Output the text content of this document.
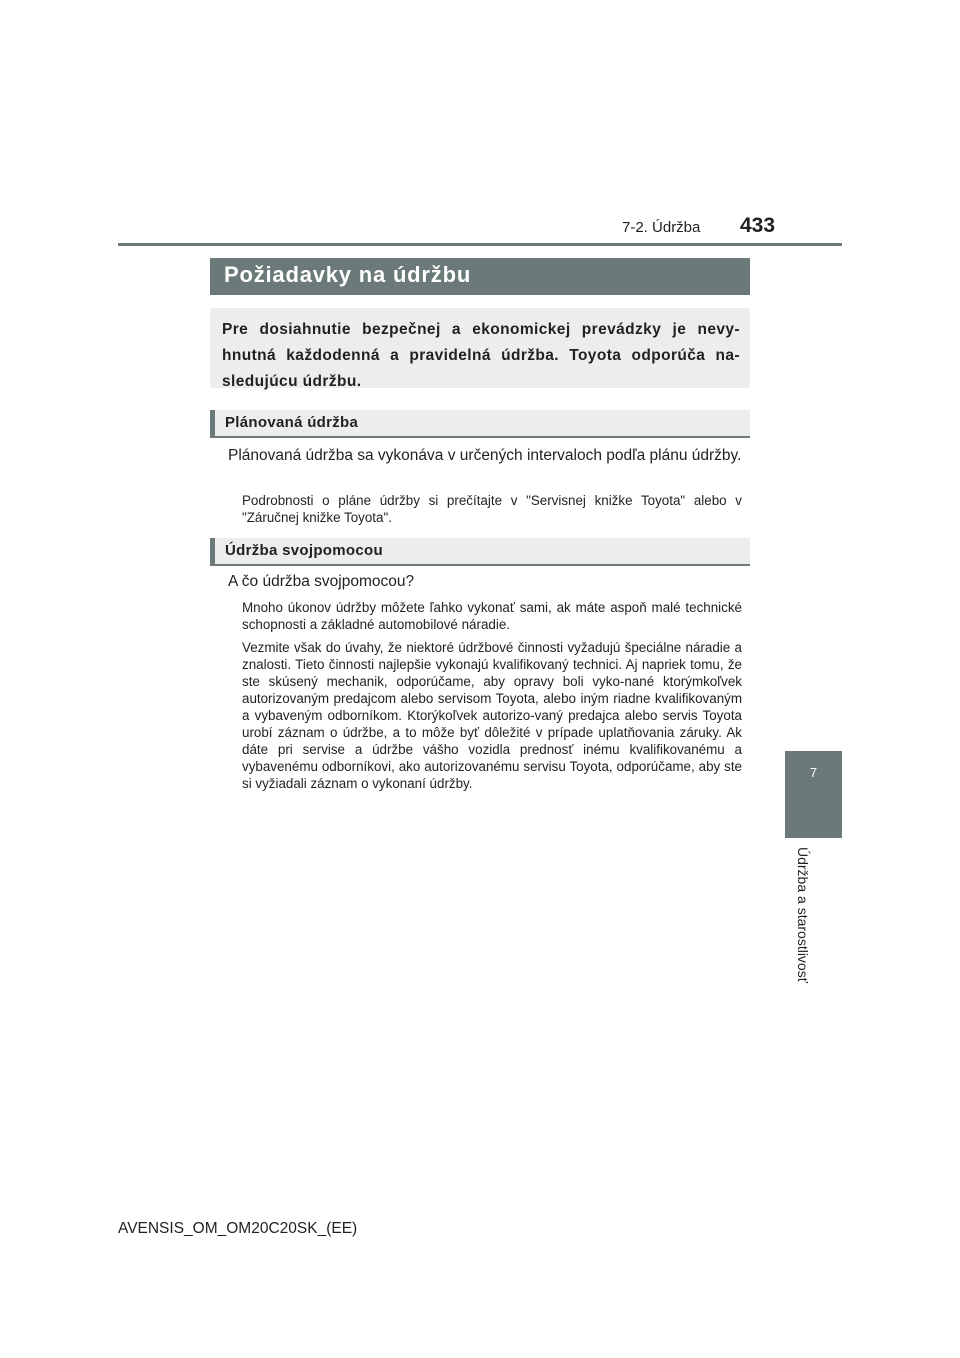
7-2. Údržba 433
7
Údržba a starostlivosť
Požiadavky na údržbu

Pre dosiahnutie bezpečnej a ekonomickej prevádzky je nevy-hnutná každodenná a pravidelná údržba. Toyota odporúča na-sledujúcu údržbu.

Plánovaná údržba

Plánovaná údržba sa vykonáva v určených intervaloch podľa plánu údržby.

Podrobnosti o pláne údržby si prečítajte v "Servisnej knižke Toyota" alebo v "Záručnej knižke Toyota".

Údržba svojpomocou

A čo údržba svojpomocou?

Mnoho úkonov údržby môžete ľahko vykonať sami, ak máte aspoň malé technické schopnosti a základné automobilové náradie.

Vezmite však do úvahy, že niektoré údržbové činnosti vyžadujú špeciálne náradie a znalosti. Tieto činnosti najlepšie vykonajú kvalifikovaný technici. Aj napriek tomu, že ste skúsený mechanik, odporúčame, aby opravy boli vyko-nané ktorýmkoľvek autorizovaným predajcom alebo servisom Toyota, alebo iným riadne kvalifikovaným a vybaveným odborníkom. Ktorýkoľvek autorizo-vaný predajca alebo servis Toyota urobí záznam o údržbe, a to môže byť dôležité v prípade uplatňovania záruky. Ak dáte pri servise a údržbe vášho vozidla prednosť inému kvalifikovanému a vybavenému odborníkovi, ako autorizovanému servisu Toyota, odporúčame, aby ste si vyžiadali záznam o vykonaní údržby.

AVENSIS_OM_OM20C20SK_(EE)
